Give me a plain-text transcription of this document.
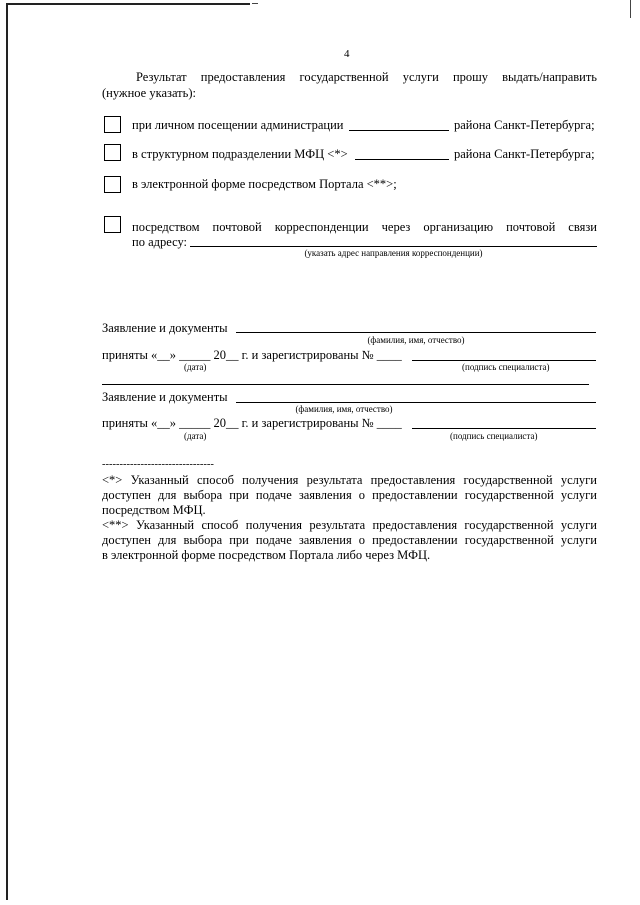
4
Результат предоставления государственной услуги прошу выдать/направить
(нужное указать):
при личном посещении администрации	района Санкт-Петербурга;
в структурном подразделении МФЦ <*>	района Санкт-Петербурга;
в электронной форме посредством Портала <**>;
посредством почтовой корреспонденции через организацию почтовой связи
по адресу:
(указать адрес направления корреспонденции)
Заявление и документы
(фамилия, имя, отчество)
приняты «__» _____ 20__ г. и зарегистрированы № ____
(дата)	(подпись специалиста)
Заявление и документы
(фамилия, имя, отчество)
приняты «__» _____ 20__ г. и зарегистрированы № ____
(дата)	(подпись специалиста)
--------------------------------
<*> Указанный способ получения результата предоставления государственной услуги
доступен для выбора при подаче заявления о предоставлении государственной услуги
посредством МФЦ.
<**> Указанный способ получения результата предоставления государственной услуги
доступен для выбора при подаче заявления о предоставлении государственной услуги
в электронной форме посредством Портала либо через МФЦ.
